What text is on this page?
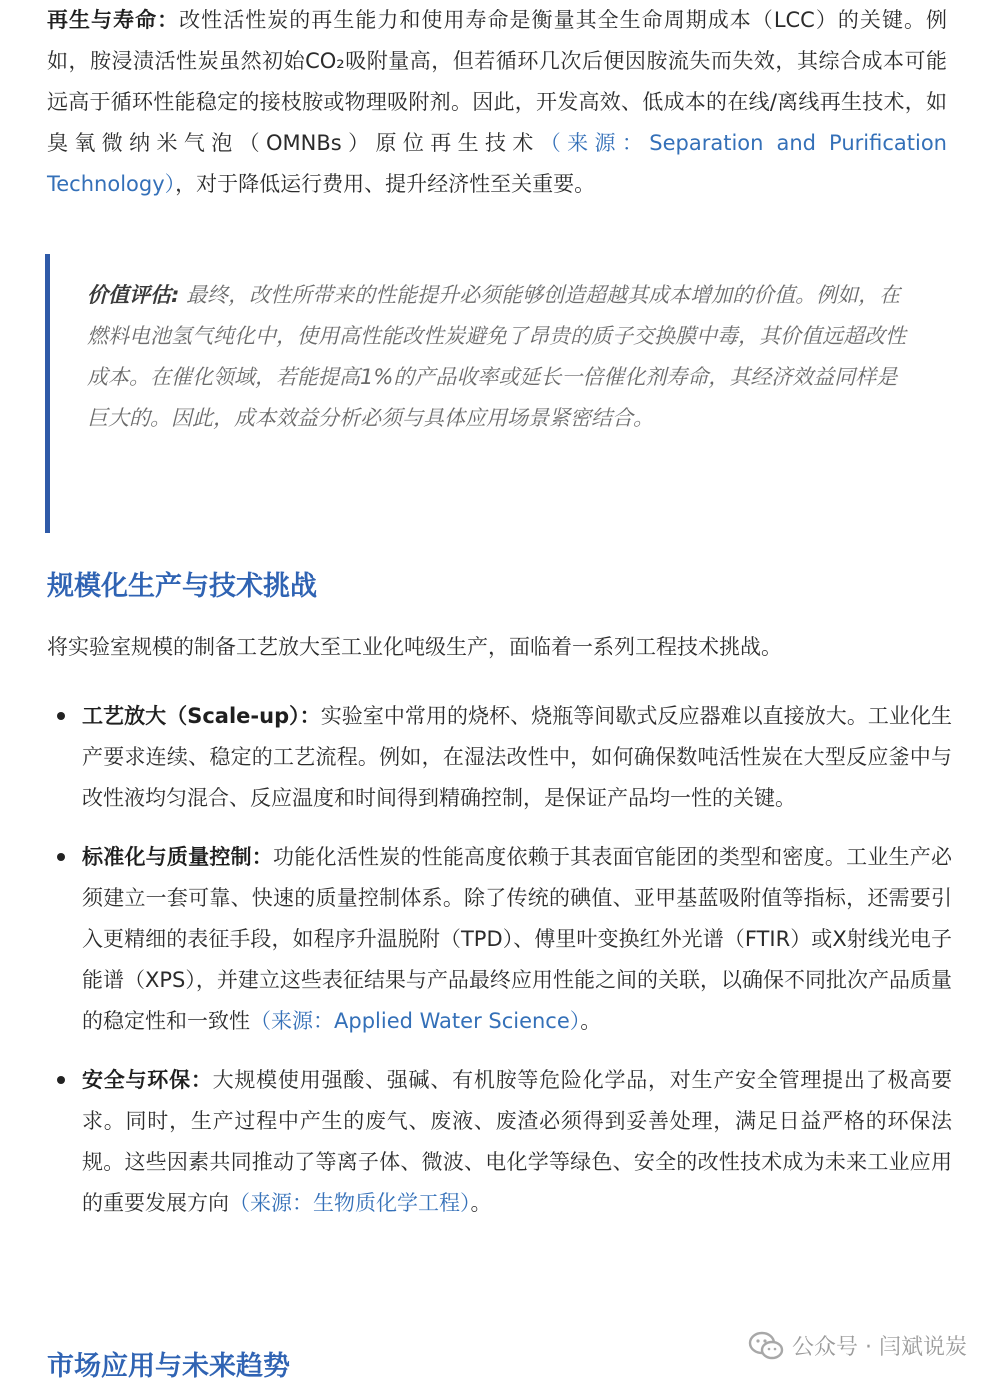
再生与寿命：改性活性炭的再生能力和使用寿命是衡量其全生命周期成本（LCC）的关键。例如，胺浸渍活性炭虽然初始CO₂吸附量高，但若循环几次后便因胺流失而失效，其综合成本可能远高于循环性能稳定的接枝胺或物理吸附剂。因此，开发高效、低成本的在线/离线再生技术，如臭氧微纳米气泡（OMNBs）原位再生技术（来源：Separation and Purification Technology），对于降低运行费用、提升经济性至关重要。

价值评估: 最终，改性所带来的性能提升必须能够创造超越其成本增加的价值。例如，在燃料电池氢气纯化中，使用高性能改性炭避免了昂贵的质子交换膜中毒，其价值远超改性成本。在催化领域，若能提高1%的产品收率或延长一倍催化剂寿命，其经济效益同样是巨大的。因此，成本效益分析必须与具体应用场景紧密结合。

规模化生产与技术挑战

将实验室规模的制备工艺放大至工业化吨级生产，面临着一系列工程技术挑战。

工艺放大（Scale-up）：实验室中常用的烧杯、烧瓶等间歇式反应器难以直接放大。工业化生产要求连续、稳定的工艺流程。例如，在湿法改性中，如何确保数吨活性炭在大型反应釜中与改性液均匀混合、反应温度和时间得到精确控制，是保证产品均一性的关键。
标准化与质量控制：功能化活性炭的性能高度依赖于其表面官能团的类型和密度。工业生产必须建立一套可靠、快速的质量控制体系。除了传统的碘值、亚甲基蓝吸附值等指标，还需要引入更精细的表征手段，如程序升温脱附（TPD）、傅里叶变换红外光谱（FTIR）或X射线光电子能谱（XPS），并建立这些表征结果与产品最终应用性能之间的关联，以确保不同批次产品质量的稳定性和一致性（来源：Applied Water Science）。
安全与环保：大规模使用强酸、强碱、有机胺等危险化学品，对生产安全管理提出了极高要求。同时，生产过程中产生的废气、废液、废渣必须得到妥善处理，满足日益严格的环保法规。这些因素共同推动了等离子体、微波、电化学等绿色、安全的改性技术成为未来工业应用的重要发展方向（来源：生物质化学工程）。
市场应用与未来趋势
公众号 · 闫斌说炭
